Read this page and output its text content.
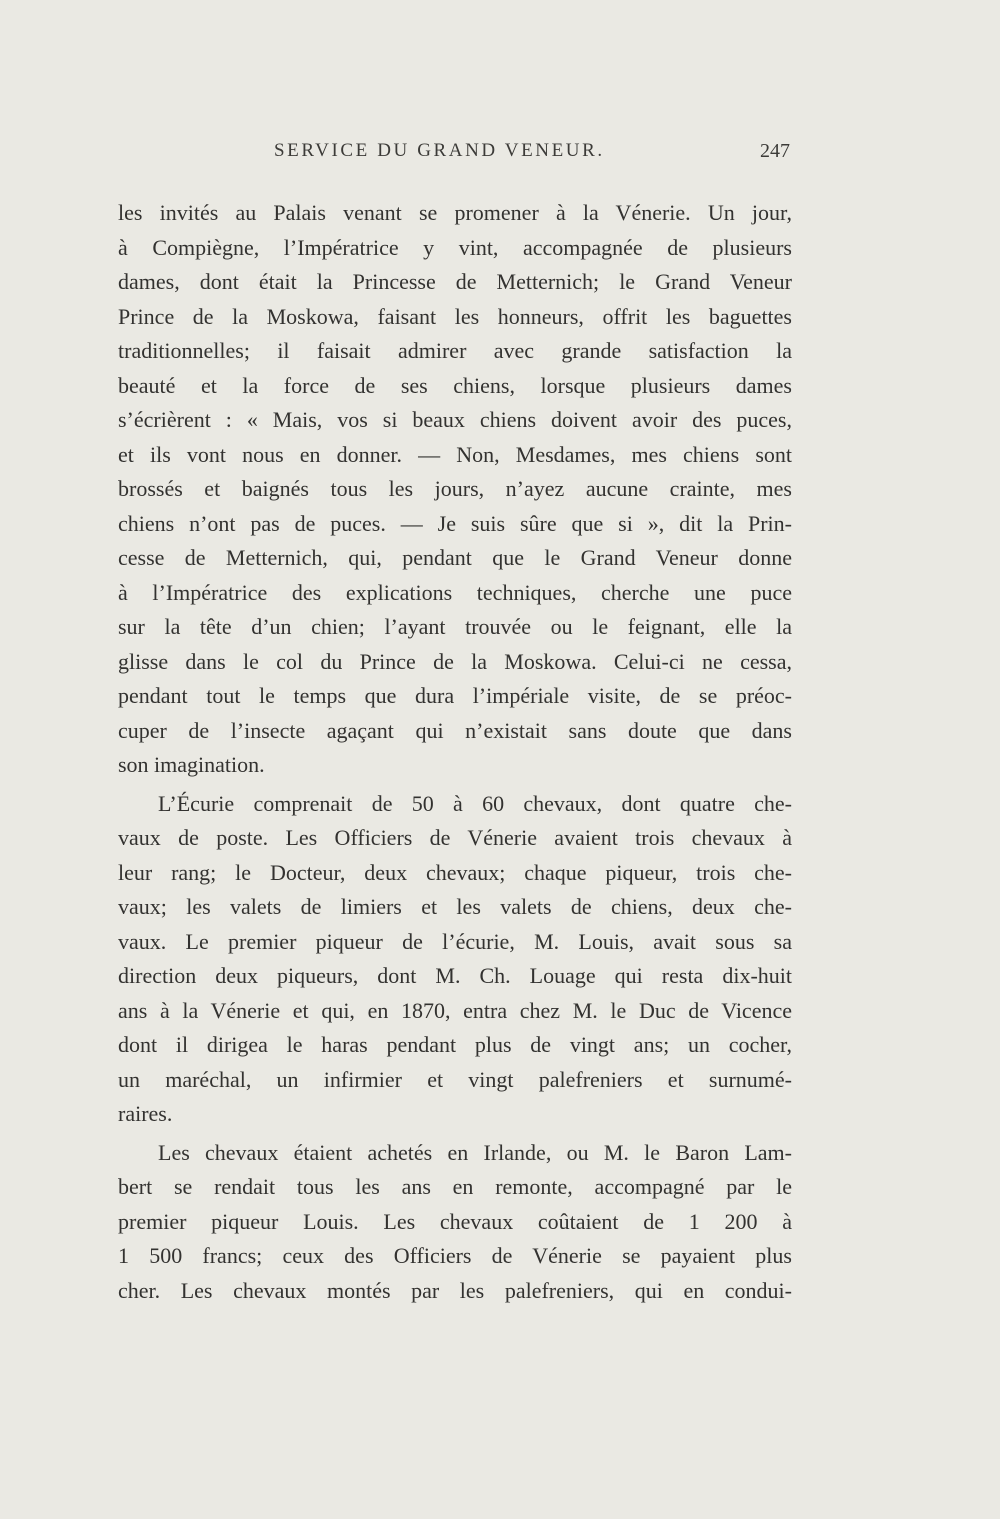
SERVICE DU GRAND VENEUR.	247
les invités au Palais venant se promener à la Vénerie. Un jour,
à Compiègne, l’Impératrice y vint, accompagnée de plusieurs
dames, dont était la Princesse de Metternich; le Grand Veneur
Prince de la Moskowa, faisant les honneurs, offrit les baguettes
traditionnelles; il faisait admirer avec grande satisfaction la
beauté et la force de ses chiens, lorsque plusieurs dames
s’écrièrent : « Mais, vos si beaux chiens doivent avoir des puces,
et ils vont nous en donner. — Non, Mesdames, mes chiens sont
brossés et baignés tous les jours, n’ayez aucune crainte, mes
chiens n’ont pas de puces. — Je suis sûre que si », dit la Prin-
cesse de Metternich, qui, pendant que le Grand Veneur donne
à l’Impératrice des explications techniques, cherche une puce
sur la tête d’un chien; l’ayant trouvée ou le feignant, elle la
glisse dans le col du Prince de la Moskowa. Celui-ci ne cessa,
pendant tout le temps que dura l’impériale visite, de se préoc-
cuper de l’insecte agaçant qui n’existait sans doute que dans
son imagination.
L’Écurie comprenait de 50 à 60 chevaux, dont quatre che-
vaux de poste. Les Officiers de Vénerie avaient trois chevaux à
leur rang; le Docteur, deux chevaux; chaque piqueur, trois che-
vaux; les valets de limiers et les valets de chiens, deux che-
vaux. Le premier piqueur de l’écurie, M. Louis, avait sous sa
direction deux piqueurs, dont M. Ch. Louage qui resta dix-huit
ans à la Vénerie et qui, en 1870, entra chez M. le Duc de Vicence
dont il dirigea le haras pendant plus de vingt ans; un cocher,
un maréchal, un infirmier et vingt palefreniers et surnumé-
raires.
Les chevaux étaient achetés en Irlande, ou M. le Baron Lam-
bert se rendait tous les ans en remonte, accompagné par le
premier piqueur Louis. Les chevaux coûtaient de 1 200 à
1 500 francs; ceux des Officiers de Vénerie se payaient plus
cher. Les chevaux montés par les palefreniers, qui en condui-
